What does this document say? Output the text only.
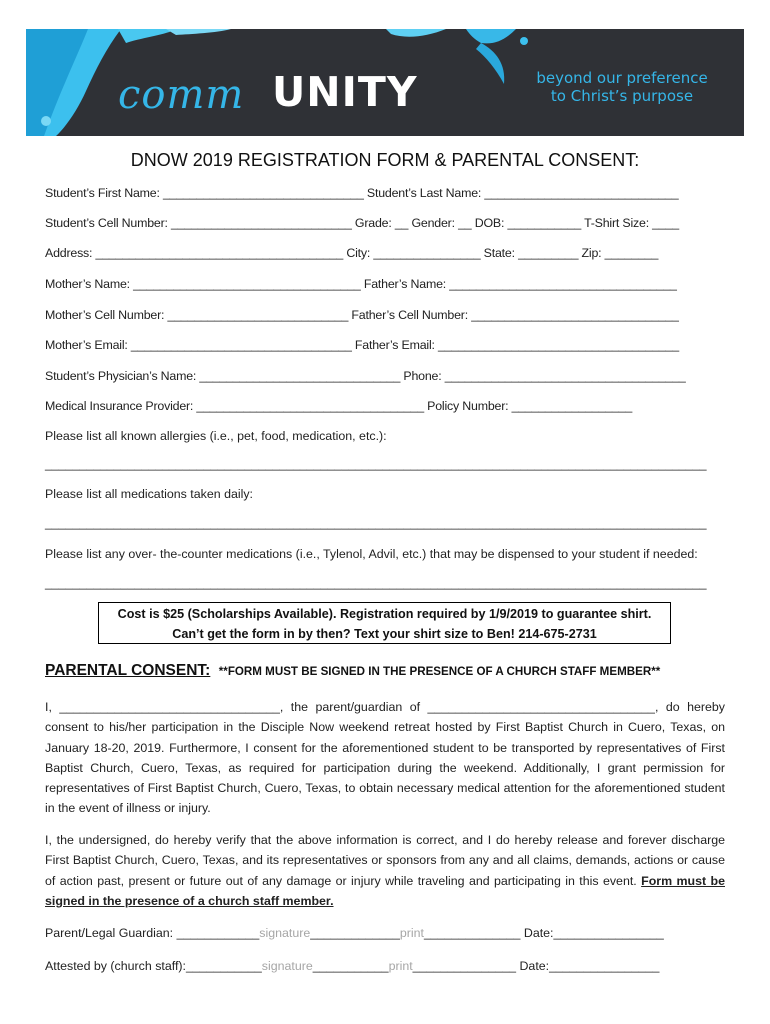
comm UNITY	beyond our preference
to Christ’s purpose
DNOW 2019 REGISTRATION FORM & PARENTAL CONSENT:
Student’s First Name: ______________________________ Student’s Last Name: _____________________________
Student’s Cell Number: ___________________________ Grade: __ Gender: __ DOB: ___________ T-Shirt Size: ____
Address: _____________________________________ City: ________________ State: _________ Zip: ________
Mother’s Name: __________________________________ Father’s Name: __________________________________
Mother’s Cell Number: ___________________________ Father’s Cell Number: _______________________________
Mother’s Email: _________________________________ Father’s Email: ____________________________________
Student’s Physician’s Name: ______________________________ Phone: ____________________________________
Medical Insurance Provider: __________________________________ Policy Number: __________________
Please list all known allergies (i.e., pet, food, medication, etc.):
________________________________________________________________________________________________
Please list all medications taken daily:
________________________________________________________________________________________________
Please list any over- the-counter medications (i.e., Tylenol, Advil, etc.) that may be dispensed to your student if needed:
________________________________________________________________________________________________
Cost is $25 (Scholarships Available). Registration required by 1/9/2019 to guarantee shirt.
Can’t get the form in by then? Text your shirt size to Ben! 214-675-2731
PARENTAL CONSENT: **FORM MUST BE SIGNED IN THE PRESENCE OF A CHURCH STAFF MEMBER**
I, ________________________________, the parent/guardian of _________________________________, do hereby consent to his/her participation in the Disciple Now weekend retreat hosted by First Baptist Church in Cuero, Texas, on January 18-20, 2019. Furthermore, I consent for the aforementioned student to be transported by representatives of First Baptist Church, Cuero, Texas, as required for participation during the weekend. Additionally, I grant permission for representatives of First Baptist Church, Cuero, Texas, to obtain necessary medical attention for the aforementioned student in the event of illness or injury.
I, the undersigned, do hereby verify that the above information is correct, and I do hereby release and forever discharge First Baptist Church, Cuero, Texas, and its representatives or sponsors from any and all claims, demands, actions or cause of action past, present or future out of any damage or injury while traveling and participating in this event. Form must be signed in the presence of a church staff member.
Parent/Legal Guardian: ____________signature_____________print______________ Date:________________
Attested by (church staff):___________signature___________print_______________ Date:________________
